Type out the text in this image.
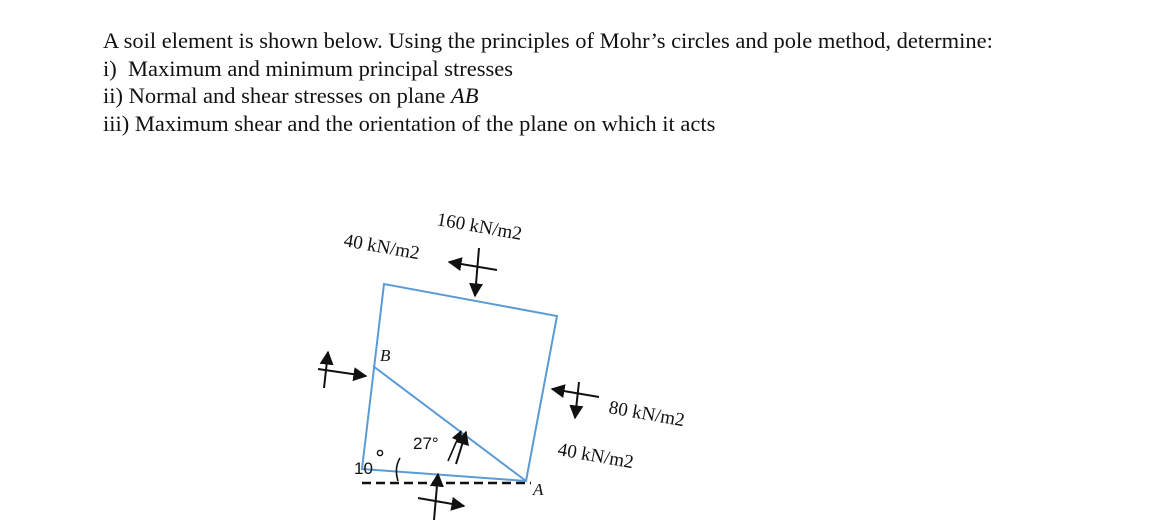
A soil element is shown below. Using the principles of Mohr’s circles and pole method, determine:

i) Maximum and minimum principal stresses

ii) Normal and shear stresses on plane AB

iii) Maximum shear and the orientation of the plane on which it acts

B
A
160 kN/m2
40 kN/m2
80 kN/m2
40 kN/m2
27°
10
